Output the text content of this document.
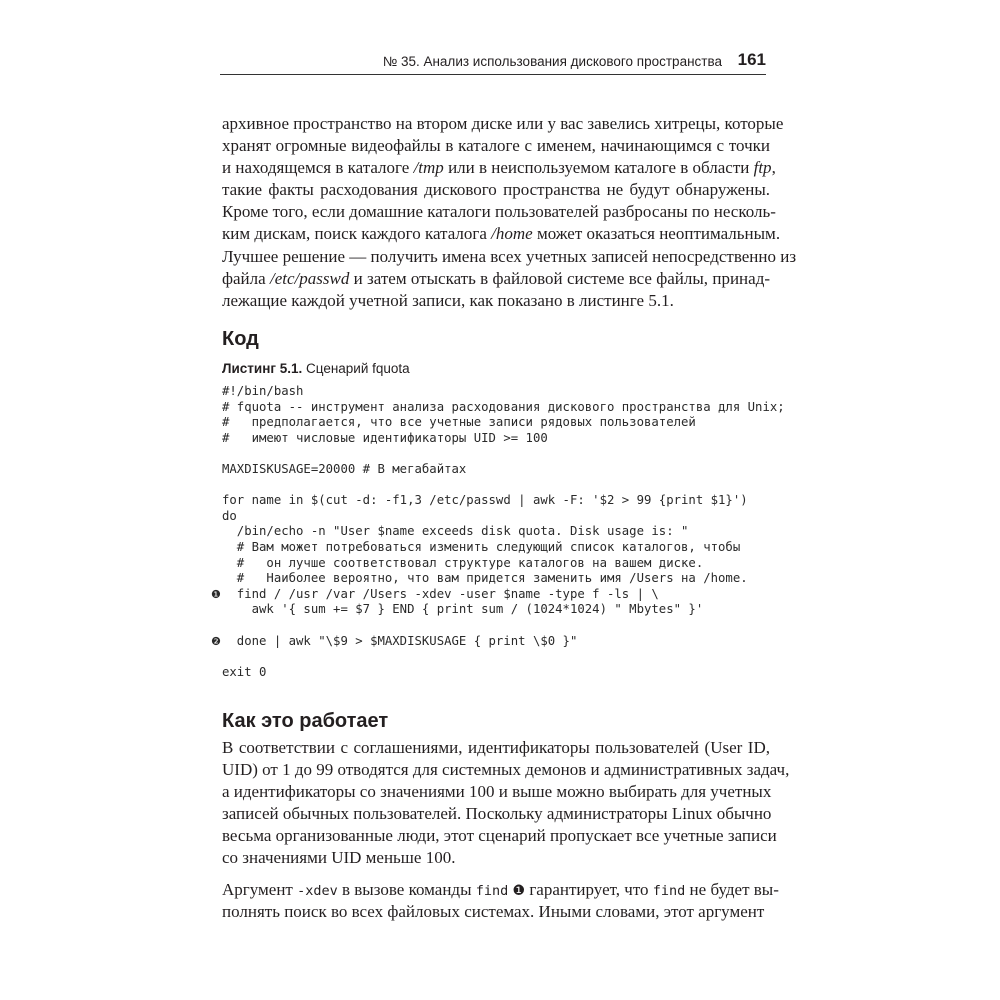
№ 35. Анализ использования дискового пространства 161
архивное пространство на втором диске или у вас завелись хитрецы, которые
хранят огромные видеофайлы в каталоге с именем, начинающимся с точки
и находящемся в каталоге /tmp или в неиспользуемом каталоге в области ftp,
такие факты расходования дискового пространства не будут обнаружены.
Кроме того, если домашние каталоги пользователей разбросаны по несколь-
ким дискам, поиск каждого каталога /home может оказаться неоптимальным.
Лучшее решение — получить имена всех учетных записей непосредственно из
файла /etc/passwd и затем отыскать в файловой системе все файлы, принад-
лежащие каждой учетной записи, как показано в листинге 5.1.
Код
Листинг 5.1. Сценарий fquota
#!/bin/bash
# fquota -- инструмент анализа расходования дискового пространства для Unix;
#   предполагается, что все учетные записи рядовых пользователей
#   имеют числовые идентификаторы UID >= 100
MAXDISKUSAGE=20000 # В мегабайтах
for name in $(cut -d: -f1,3 /etc/passwd | awk -F: '$2 > 99 {print $1}')
do
/bin/echo -n "User $name exceeds disk quota. Disk usage is: "
# Вам может потребоваться изменить следующий список каталогов, чтобы
#   он лучше соответствовал структуре каталогов на вашем диске.
#   Наиболее вероятно, что вам придется заменить имя /Users на /home.
❶ find / /usr /var /Users -xdev -user $name -type f -ls | \
awk '{ sum += $7 } END { print sum / (1024*1024) " Mbytes" }'
❷ done | awk "\$9 > $MAXDISKUSAGE { print \$0 }"
exit 0
Как это работает
В соответствии с соглашениями, идентификаторы пользователей (User ID,
UID) от 1 до 99 отводятся для системных демонов и административных задач,
а идентификаторы со значениями 100 и выше можно выбирать для учетных
записей обычных пользователей. Поскольку администраторы Linux обычно
весьма организованные люди, этот сценарий пропускает все учетные записи
со значениями UID меньше 100.
Аргумент -xdev в вызове команды find ❶ гарантирует, что find не будет вы-
полнять поиск во всех файловых системах. Иными словами, этот аргумент
